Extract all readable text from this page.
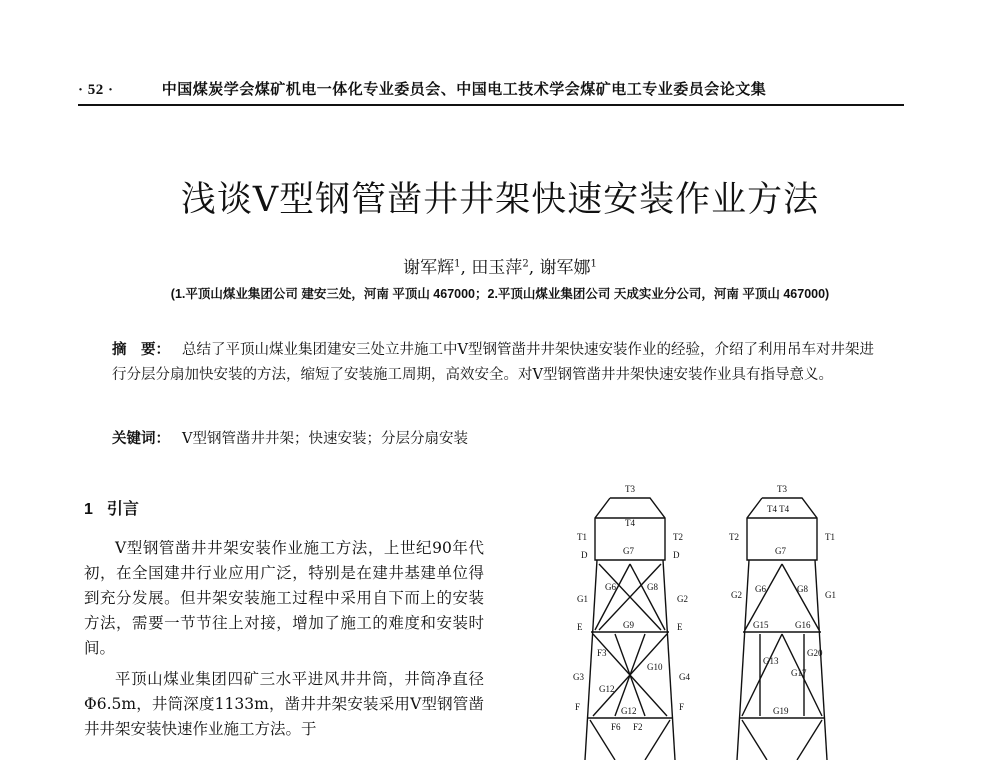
· 52 ·	中国煤炭学会煤矿机电一体化专业委员会、中国电工技术学会煤矿电工专业委员会论文集
浅谈V型钢管凿井井架快速安装作业方法
谢军辉$^1$, 田玉萍$^2$, 谢军娜$^1$
(1.平顶山煤业集团公司 建安三处，河南 平顶山 467000；2.平顶山煤业集团公司 天成实业分公司，河南 平顶山 467000)
摘　要： 总结了平顶山煤业集团建安三处立井施工中V型钢管凿井井架快速安装作业的经验，介绍了利用吊车对井架进行分层分扇加快安装的方法，缩短了安装施工周期，高效安全。对V型钢管凿井井架快速安装作业具有指导意义。
关键词： V型钢管凿井井架；快速安装；分层分扇安装
1 引言

V型钢管凿井井架安装作业施工方法，上世纪90年代初，在全国建井行业应用广泛，特别是在建井基建单位得到充分发展。但井架安装施工过程中采用自下而上的安装方法，需要一节节往上对接，增加了施工的难度和安装时间。

平顶山煤业集团四矿三水平进风井井筒，井筒净直径Φ6.5m，井筒深度1133m，凿井井架安装采用V型钢管凿井井架安装快速作业施工方法。于

T3
T4
T1	T2
G7
D	D
E	E
F	F
G1
G3
G2
G4
G9
G12
G6	G8
F3
G12
G10
F6 F2
T3
T4 T4
T2	T1
G7
G2
G6	G8
G1
G15	G16
G19
G13
G17
G20
